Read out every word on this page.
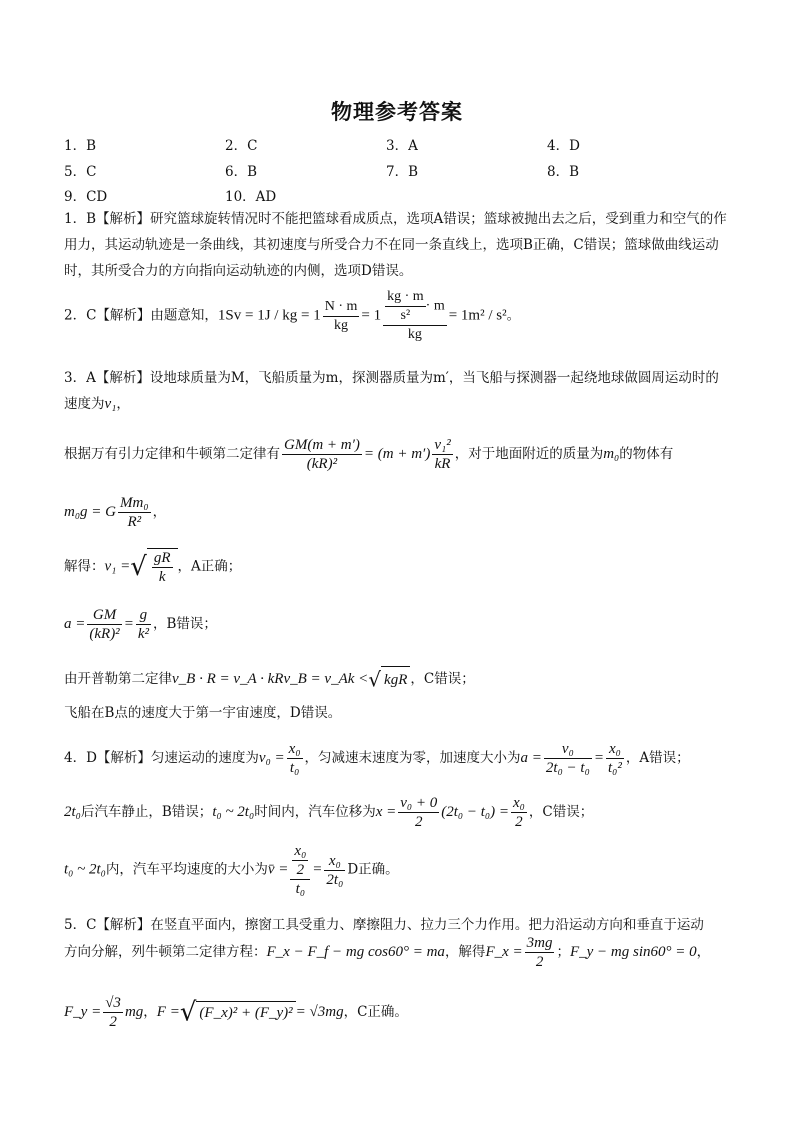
物理参考答案
1．B	2．C	3．A	4．D
5．C	6．B	7．B	8．B
9．CD	10．AD
1．B【解析】研究篮球旋转情况时不能把篮球看成质点，选项A错误；篮球被抛出去之后，受到重力和空气的作用力，其运动轨迹是一条曲线，其初速度与所受合力不在同一条直线上，选项B正确，C错误；篮球做曲线运动时，其所受合力的方向指向运动轨迹的内侧，选项D错误。
2．C【解析】由题意知，1Sv = 1J / kg = $1 \frac{N \cdot m}{kg} = 1 \frac{\frac{kg \cdot m}{\text{s²}} \cdot m}{kg} = 1m^2 / s^2$。
3．A【解析】设地球质量为M，飞船质量为m，探测器质量为m′，当飞船与探测器一起绕地球做圆周运动时的速度为v₁，
根据万有引力定律和牛顿第二定律有 $\frac{GM(m + m')}{\text{(kR)²}} = (m + m') \frac{\text{v₁²}}{kR}$ ，对于地面附近的质量为m₀的物体有
m₀g = G $\frac{\text{Mm₀}}{\text{R²}}$ ，
解得：v₁ =√ $\frac{gR}{k}$ ，A正确；
$a = \frac{GM}{\text{(kR)²}} = \frac{g}{\text{k²}}$ ，B错误；
由开普勒第二定律v_B · R = v_A · kRv_B = v_Ak <√ kgR ，C错误；
飞船在B点的速度大于第一宇宙速度，D错误。
4．D【解析】匀速运动的速度为$v_0 = \frac{\text{x₀}}{\text{t₀}}$ ，匀减速末速度为零，加速度大小为$a = \frac{\text{v₀}}{\text{2t₀ − t₀}} = \frac{\text{x₀}}{\text{t₀²}}$ ，A错误；
2t₀后汽车静止，B错误；t₀ ~ 2t₀时间内，汽车位移为$x = \frac{\text{v₀ + 0}}{2} (2t_0 - t_0) = \frac{\text{x₀}}{2}$ ，C错误；
t₀ ~ 2t₀内，汽车平均速度的大小为v̄ = $\frac{\frac{\text{x₀}}{2}}{\text{t₀}} = \frac{\text{x₀}}{\text{2t₀}}$ D正确。
5．C【解析】在竖直平面内，擦窗工具受重力、摩擦阻力、拉力三个力作用。把力沿运动方向和垂直于运动
方向分解，列牛顿第二定律方程：F_x − F_f − mg cos60° = ma，解得F_x = $\frac{3mg}{2}$ ；F_y − mg sin60° = 0，
F_y = $\frac{√3}{2}$ mg，F =√ (F_x)² + (F_y)² = √3mg，C正确。
